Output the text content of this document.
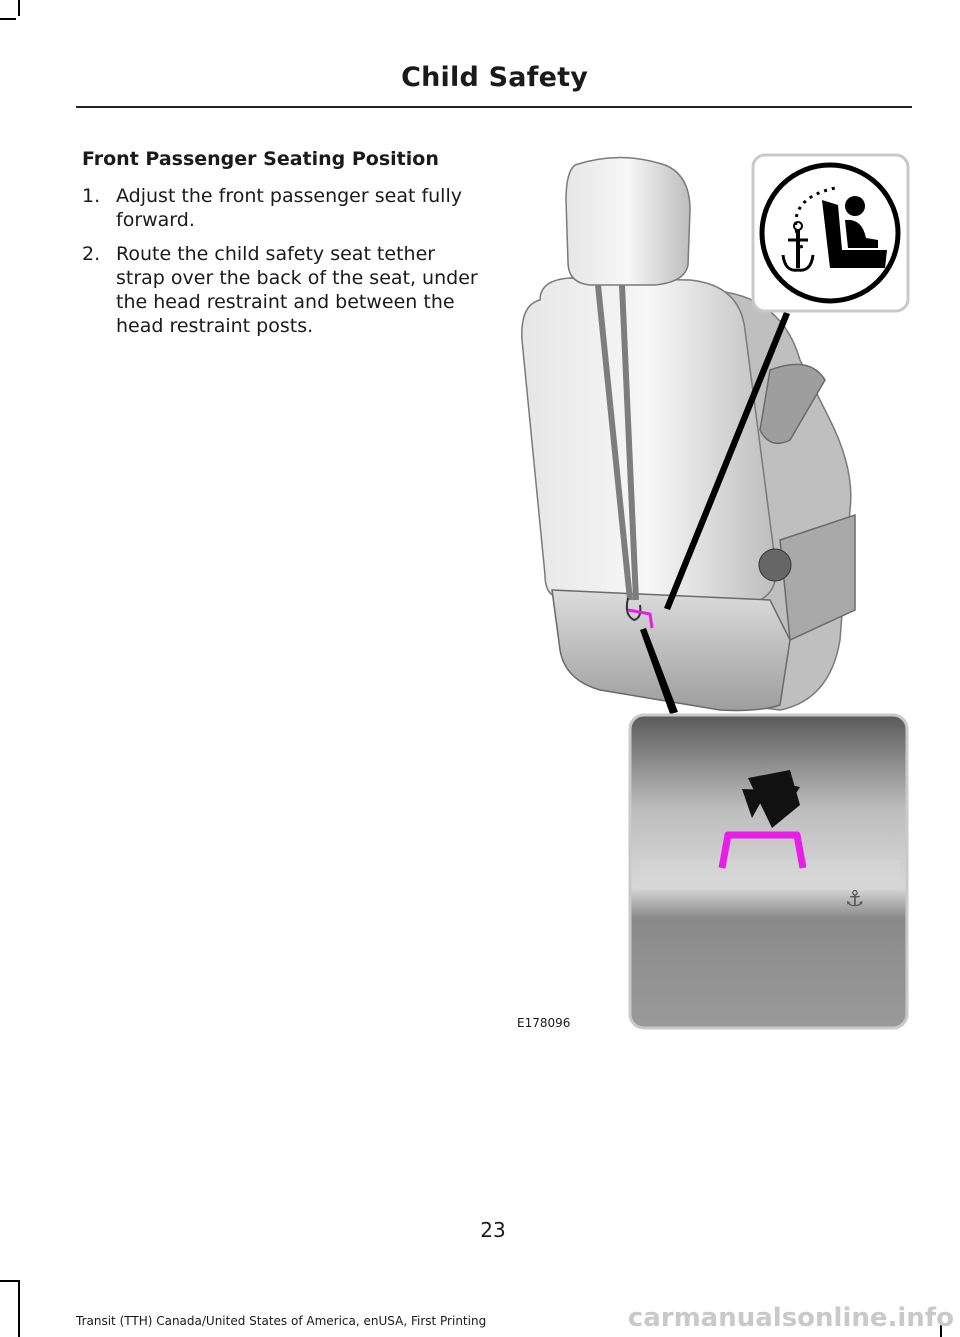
Child Safety
Front Passenger Seating Position
1. Adjust the front passenger seat fully forward.
2. Route the child safety seat tether strap over the back of the seat, under the head restraint and between the head restraint posts.
⚓
E178096
23
Transit (TTH) Canada/United States of America, enUSA, First Printing	carmanualsonline.info
